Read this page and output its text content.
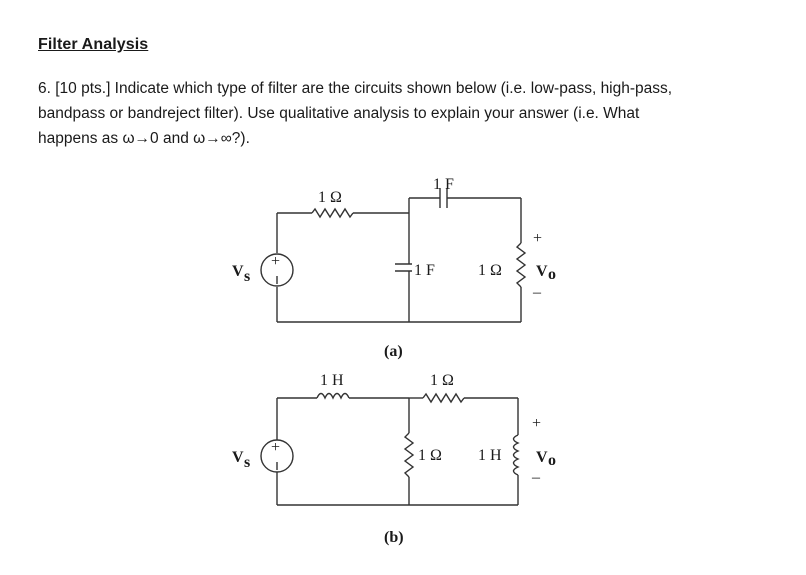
Filter Analysis
6. [10 pts.] Indicate which type of filter are the circuits shown below (i.e. low-pass, high-pass,
bandpass or bandreject filter). Use qualitative analysis to explain your answer (i.e. What
happens as ω→0 and ω→∞?).
+
V s
1 Ω
1 F
1 F	1 Ω
+
V o
–
(a)
+
V s
1 H	1 Ω
1 Ω 1 H
+
V o
–
(b)
